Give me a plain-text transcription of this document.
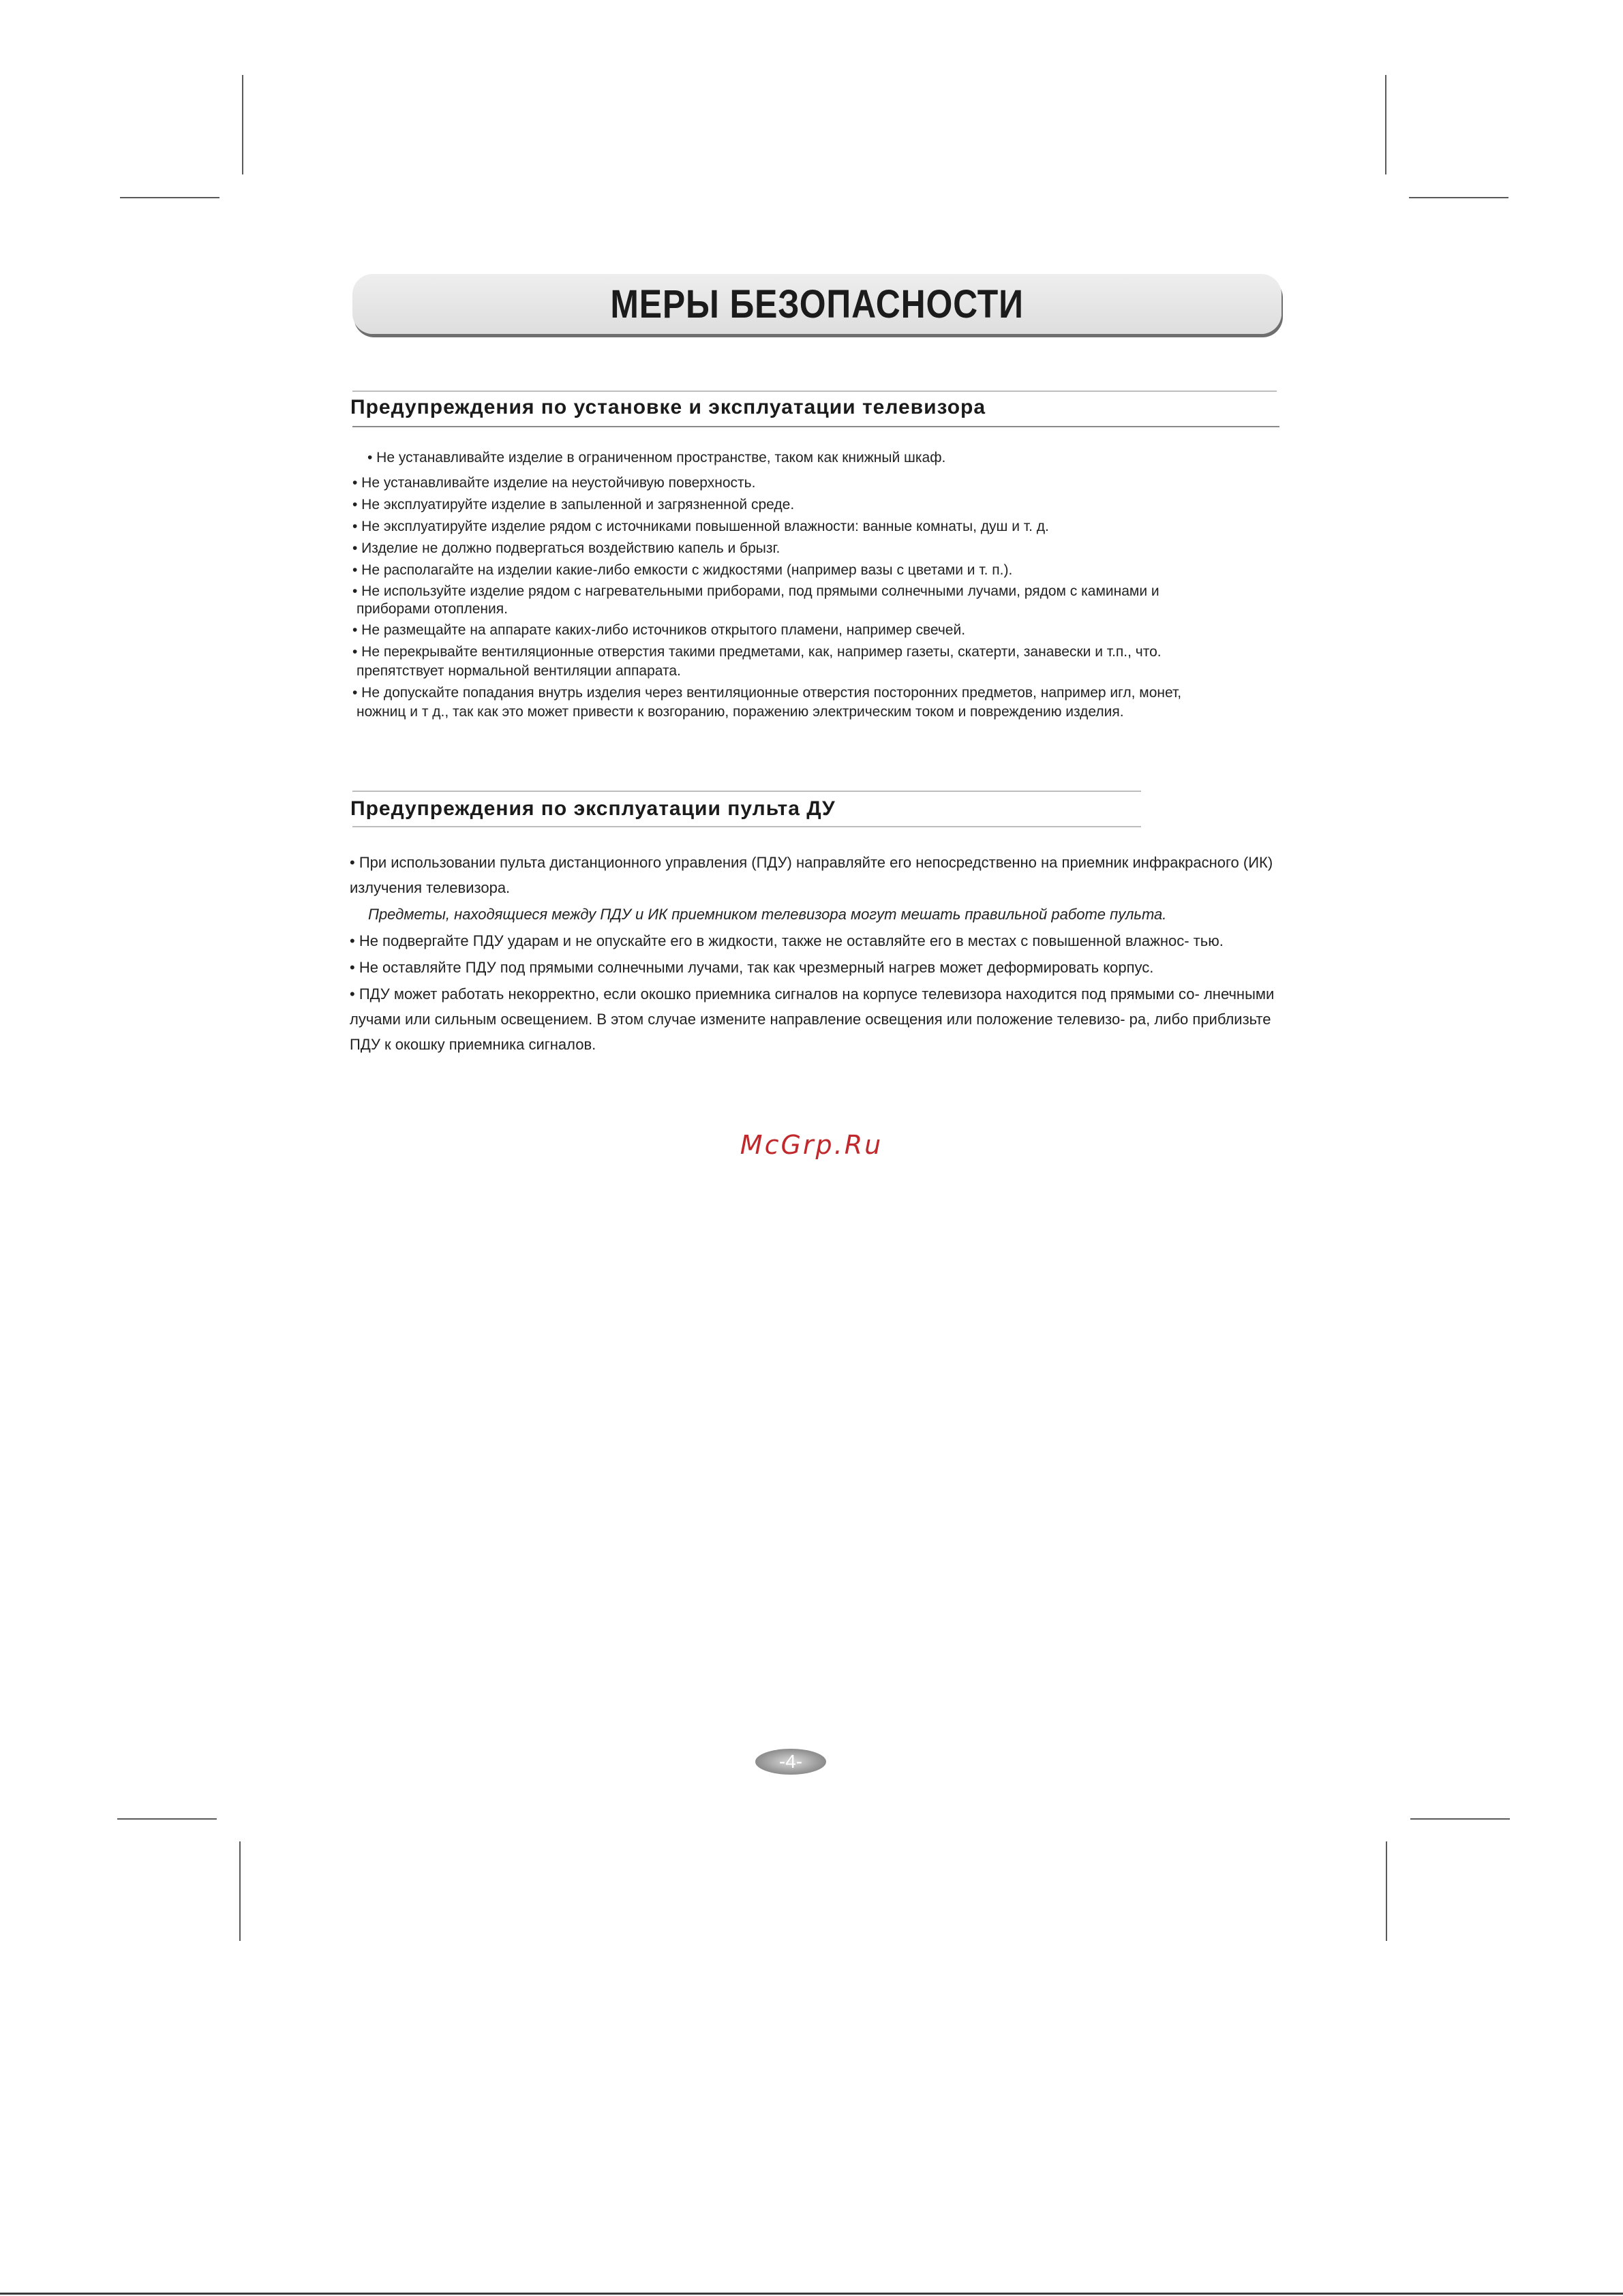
МЕРЫ БЕЗОПАСНОСТИ
Предупреждения по установке и эксплуатации телевизора
• Не устанавливайте изделие в ограниченном пространстве, таком как книжный шкаф.
• Не устанавливайте изделие на неустойчивую поверхность.
• Не эксплуатируйте изделие в запыленной и загрязненной среде.
• Не эксплуатируйте изделие рядом с источниками повышенной влажности: ванные комнаты, душ и т. д.
• Изделие не должно подвергаться воздействию капель и брызг.
• Не располагайте на изделии какие-либо емкости с жидкостями (например вазы с цветами и т. п.).
• Не используйте изделие рядом с нагревательными приборами, под прямыми солнечными лучами, рядом с каминами и
приборами отопления.
• Не размещайте на аппарате каких-либо источников открытого пламени, например свечей.
• Не перекрывайте вентиляционные отверстия такими предметами, как, например газеты, скатерти, занавески и т.п., что.
препятствует нормальной вентиляции аппарата.
• Не допускайте попадания внутрь изделия через вентиляционные отверстия посторонних предметов, например игл, монет,
ножниц и т д., так как это может привести к возгоранию, поражению электрическим током и повреждению изделия.
Предупреждения по эксплуатации пульта ДУ

• При использовании пульта дистанционного управления (ПДУ) направляйте его непосредственно на приемник инфракрасного (ИК) излучения телевизора.

Предметы, находящиеся между ПДУ и ИК приемником телевизора могут мешать правильной работе пульта.

• Не подвергайте ПДУ ударам и не опускайте его в жидкости, также не оставляйте его в местах с повышенной влажнос- тью.

• Не оставляйте ПДУ под прямыми солнечными лучами, так как чрезмерный нагрев может деформировать корпус.

• ПДУ может работать некорректно, если окошко приемника сигналов на корпусе телевизора находится под прямыми со- лнечными лучами или сильным освещением. В этом случае измените направление освещения или положение телевизо- ра, либо приблизьте ПДУ к окошку приемника сигналов.

McGrp.Ru
-4-
